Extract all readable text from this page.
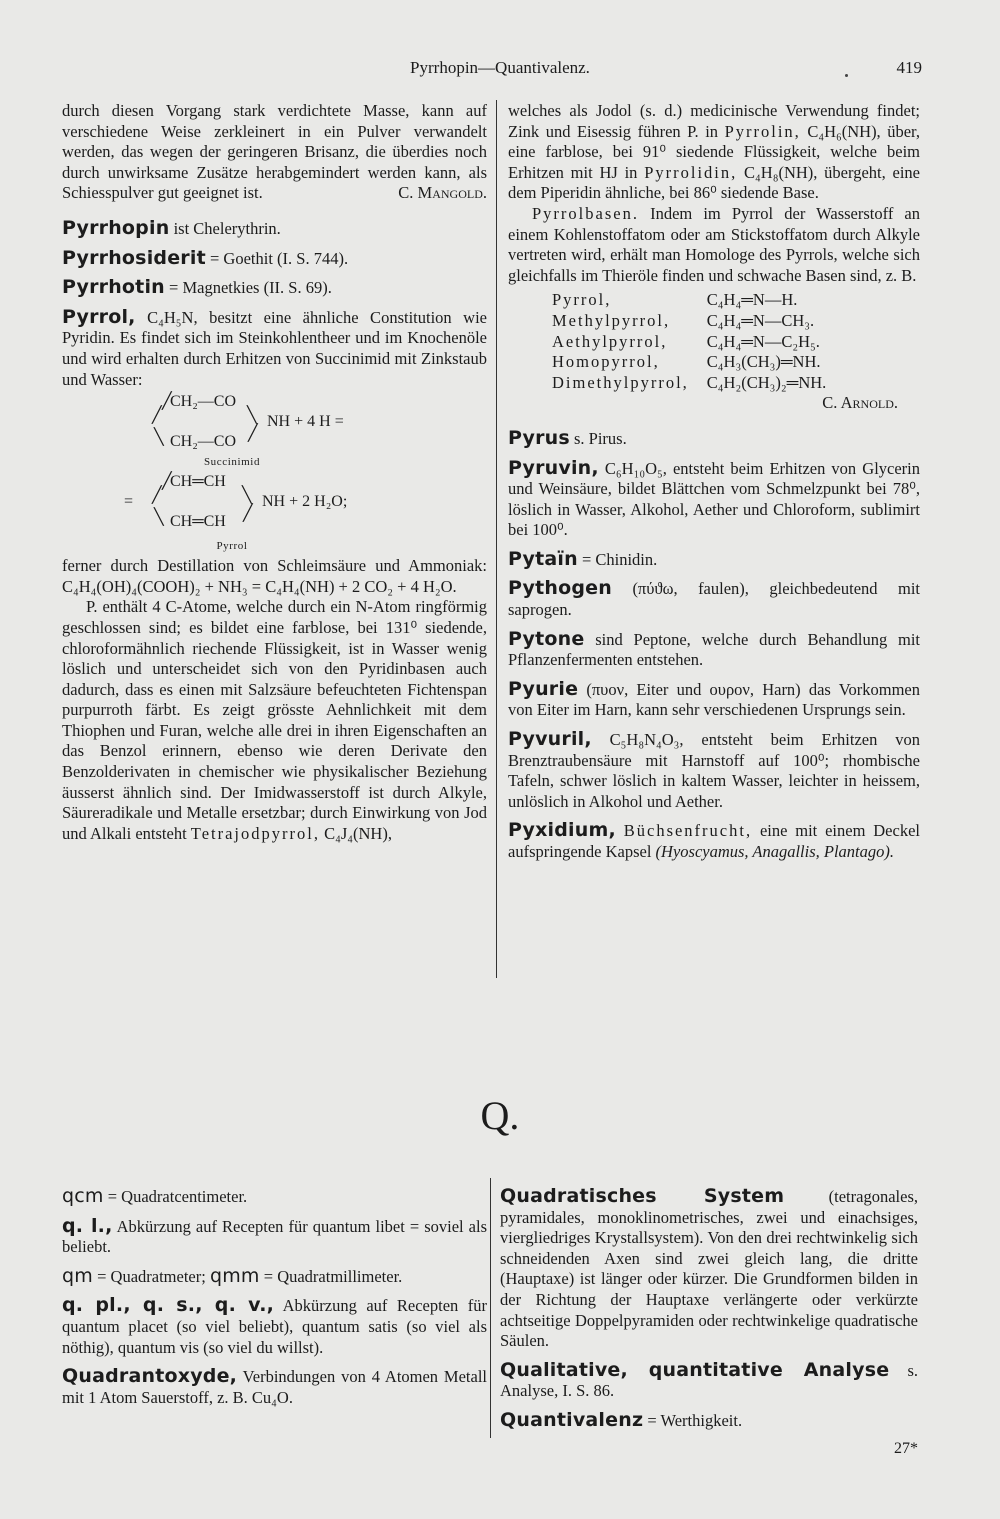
Pyrrhopin—Quantivalenz.	419

durch diesen Vorgang stark verdichtete Masse, kann auf verschiedene Weise zerkleinert in ein Pulver verwandelt werden, das wegen der geringeren Brisanz, die überdies noch durch unwirksame Zusätze herabgemindert werden kann, als Schiesspulver gut geeignet ist.	C. Mangold.

Pyrrhopin ist Chelerythrin.

Pyrrhosiderit = Goethit (I. S. 744).

Pyrrhotin = Magnetkies (II. S. 69).

Pyrrol, C₄H₅N, besitzt eine ähnliche Constitution wie Pyridin. Es findet sich im Steinkohlentheer und im Knochenöle und wird erhalten durch Erhitzen von Succinimid mit Zinkstaub und Wasser:

╱
CH₂—CO
╱	╲ NH + 4 H =
╲ CH₂—CO ╱
Succinimid
=
╱
CH═CH
╱	╲ NH + 2 H₂O;
╲ CH═CH ╱
Pyrrol

ferner durch Destillation von Schleimsäure und Ammoniak: C₄H₄(OH)₄(COOH)₂ + NH₃ = C₄H₄(NH) + 2 CO₂ + 4 H₂O.

P. enthält 4 C-Atome, welche durch ein N-Atom ringförmig geschlossen sind; es bildet eine farblose, bei 131⁰ siedende, chloroformähnlich riechende Flüssigkeit, ist in Wasser wenig löslich und unterscheidet sich von den Pyridinbasen auch dadurch, dass es einen mit Salzsäure befeuchteten Fichtenspan purpurroth färbt. Es zeigt grösste Aehnlichkeit mit dem Thiophen und Furan, welche alle drei in ihren Eigenschaften an das Benzol erinnern, ebenso wie deren Derivate den Benzolderivaten in chemischer wie physikalischer Beziehung äusserst ähnlich sind. Der Imidwasserstoff ist durch Alkyle, Säureradikale und Metalle ersetzbar; durch Einwirkung von Jod und Alkali entsteht Tetrajodpyrrol, C₄J₄(NH),

welches als Jodol (s. d.) medicinische Verwendung findet; Zink und Eisessig führen P. in Pyrrolin, C₄H₆(NH), über, eine farblose, bei 91⁰ siedende Flüssigkeit, welche beim Erhitzen mit HJ in Pyrrolidin, C₄H₈(NH), übergeht, eine dem Piperidin ähnliche, bei 86⁰ siedende Base.

Pyrrolbasen. Indem im Pyrrol der Wasserstoff an einem Kohlenstoffatom oder am Stickstoffatom durch Alkyle vertreten wird, erhält man Homologe des Pyrrols, welche sich gleichfalls im Thieröle finden und schwache Basen sind, z. B.

Pyrrol,	C₄H₄═N—H.
Methylpyrrol,	C₄H₄═N—CH₃.
Aethylpyrrol,	C₄H₄═N—C₂H₅.
Homopyrrol,	C₄H₃(CH₃)═NH.
Dimethylpyrrol,	C₄H₂(CH₃)₂═NH.

C. Arnold.

Pyrus s. Pirus.

Pyruvin, C₆H₁₀O₅, entsteht beim Erhitzen von Glycerin und Weinsäure, bildet Blättchen vom Schmelzpunkt bei 78⁰, löslich in Wasser, Alkohol, Aether und Chloroform, sublimirt bei 100⁰.

Pytaïn = Chinidin.

Pythogen (πύϑω, faulen), gleichbedeutend mit saprogen.

Pytone sind Peptone, welche durch Behandlung mit Pflanzenfermenten entstehen.

Pyurie (πυον, Eiter und ουρον, Harn) das Vorkommen von Eiter im Harn, kann sehr verschiedenen Ursprungs sein.

Pyvuril, C₅H₈N₄O₃, entsteht beim Erhitzen von Brenztraubensäure mit Harnstoff auf 100⁰; rhombische Tafeln, schwer löslich in kaltem Wasser, leichter in heissem, unlöslich in Alkohol und Aether.

Pyxidium, Büchsenfrucht, eine mit einem Deckel aufspringende Kapsel (Hyoscyamus, Anagallis, Plantago).

Q.

qcm = Quadratcentimeter.

q. l., Abkürzung auf Recepten für quantum libet = soviel als beliebt.

qm = Quadratmeter; qmm = Quadratmillimeter.

q. pl., q. s., q. v., Abkürzung auf Recepten für quantum placet (so viel beliebt), quantum satis (so viel als nöthig), quantum vis (so viel du willst).

Quadrantoxyde, Verbindungen von 4 Atomen Metall mit 1 Atom Sauerstoff, z. B. Cu₄O.

Quadratisches System	(tetragonales, pyramidales, monoklinometrisches, zwei und einachsiges, viergliedriges Krystallsystem). Von den drei rechtwinkelig sich schneidenden Axen sind zwei gleich lang, die dritte (Hauptaxe) ist länger oder kürzer. Die Grundformen bilden in der Richtung der Hauptaxe verlängerte oder verkürzte achtseitige Doppelpyramiden oder rechtwinkelige quadratische Säulen.

Qualitative, quantitative Analyse s. Analyse, I. S. 86.

Quantivalenz = Werthigkeit.

27*
